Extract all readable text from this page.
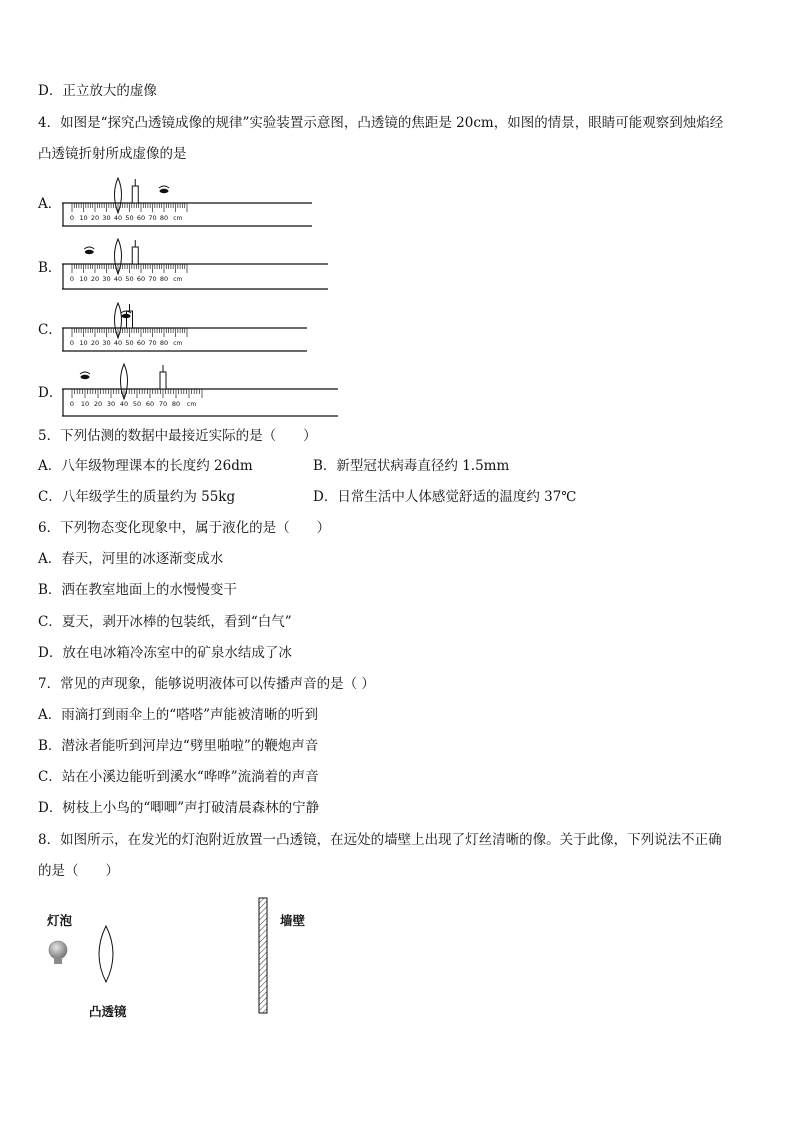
D．正立放大的虚像
4．如图是“探究凸透镜成像的规律”实验装置示意图，凸透镜的焦距是 20cm，如图的情景，眼睛可能观察到烛焰经
凸透镜折射所成虚像的是
A．
0 10 20 30 40 50 60 70 80 cm
B．
0 10 20 30 40 50 60 70 80 cm
C．
0 10 20 30 40 50 60 70 80 cm
D．
0 10 20 30 40 50 60 70 80 cm
5．下列估测的数据中最接近实际的是（　　）
A．八年级物理课本的长度约 26dm	B．新型冠状病毒直径约 1.5mm
C．八年级学生的质量约为 55kg	D．日常生活中人体感觉舒适的温度约 37℃
6．下列物态变化现象中，属于液化的是（　　）
A．春天，河里的冰逐渐变成水
B．洒在教室地面上的水慢慢变干
C．夏天，剥开冰棒的包装纸，看到“白气”
D．放在电冰箱冷冻室中的矿泉水结成了冰
7．常见的声现象，能够说明液体可以传播声音的是（ ）
A．雨滴打到雨伞上的“嗒嗒”声能被清晰的听到
B．潜泳者能听到河岸边“劈里啪啦”的鞭炮声音
C．站在小溪边能听到溪水“哗哗”流淌着的声音
D．树枝上小鸟的“唧唧”声打破清晨森林的宁静
8．如图所示，在发光的灯泡附近放置一凸透镜，在远处的墙壁上出现了灯丝清晰的像。关于此像，下列说法不正确
的是（　　）
灯泡	墙壁
凸透镜
